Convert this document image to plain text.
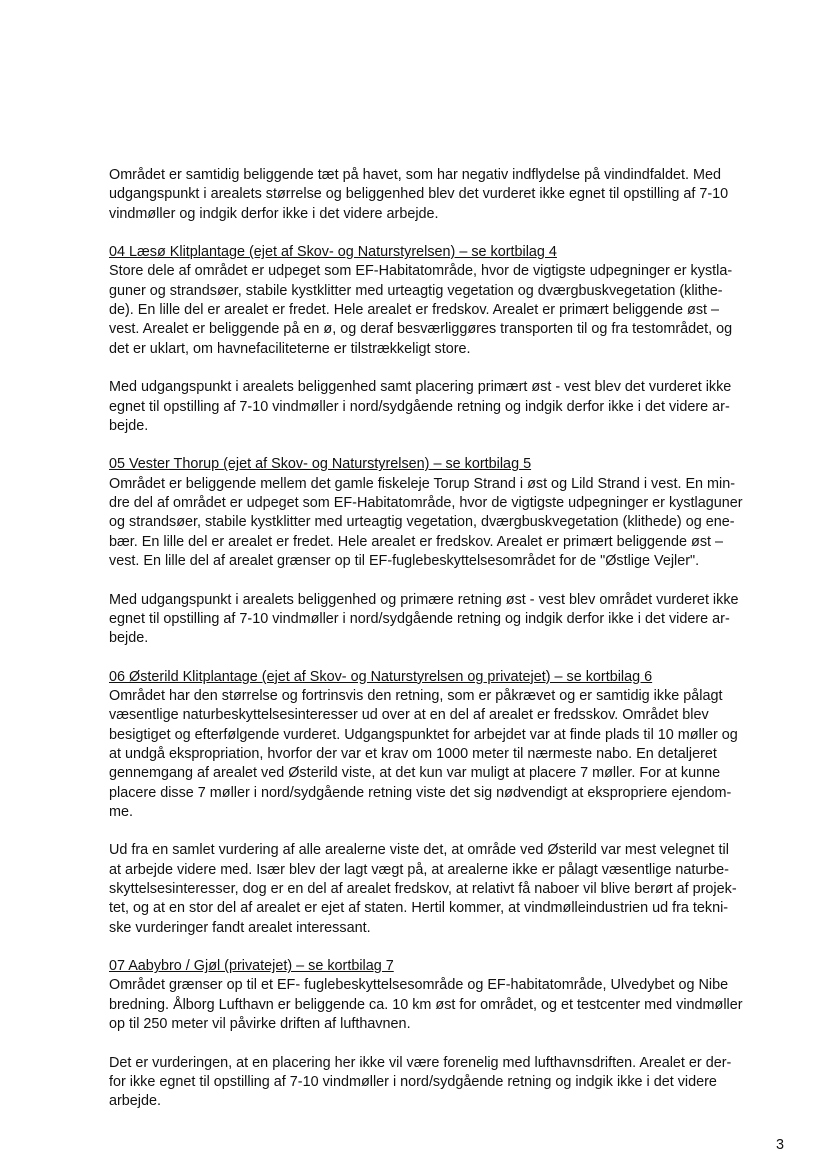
Området er samtidig beliggende tæt på havet, som har negativ indflydelse på vindindfaldet. Med
udgangspunkt i arealets størrelse og beliggenhed blev det vurderet ikke egnet til opstilling af 7-10
vindmøller og indgik derfor ikke i det videre arbejde.
04 Læsø Klitplantage (ejet af Skov- og Naturstyrelsen) – se kortbilag 4
Store dele af området er udpeget som EF-Habitatområde, hvor de vigtigste udpegninger er kystla-
guner og strandsøer, stabile kystklitter med urteagtig vegetation og dværgbuskvegetation (klithe-
de). En lille del er arealet er fredet. Hele arealet er fredskov. Arealet er primært beliggende øst –
vest. Arealet er beliggende på en ø, og deraf besværliggøres transporten til og fra testområdet, og
det er uklart, om havnefaciliteterne er tilstrækkeligt store.
Med udgangspunkt i arealets beliggenhed samt placering primært øst - vest blev det vurderet ikke
egnet til opstilling af 7-10 vindmøller i nord/sydgående retning og indgik derfor ikke i det videre ar-
bejde.
05 Vester Thorup (ejet af Skov- og Naturstyrelsen) – se kortbilag 5
Området er beliggende mellem det gamle fiskeleje Torup Strand i øst og Lild Strand i vest. En min-
dre del af området er udpeget som EF-Habitatområde, hvor de vigtigste udpegninger er kystlaguner
og strandsøer, stabile kystklitter med urteagtig vegetation, dværgbuskvegetation (klithede) og ene-
bær. En lille del er arealet er fredet. Hele arealet er fredskov. Arealet er primært beliggende øst –
vest. En lille del af arealet grænser op til EF-fuglebeskyttelsesområdet for de "Østlige Vejler".
Med udgangspunkt i arealets beliggenhed og primære retning øst - vest blev området vurderet ikke
egnet til opstilling af 7-10 vindmøller i nord/sydgående retning og indgik derfor ikke i det videre ar-
bejde.
06 Østerild Klitplantage (ejet af Skov- og Naturstyrelsen og privatejet) – se kortbilag 6
Området har den størrelse og fortrinsvis den retning, som er påkrævet og er samtidig ikke pålagt
væsentlige naturbeskyttelsesinteresser ud over at en del af arealet er fredsskov. Området blev
besigtiget og efterfølgende vurderet. Udgangspunktet for arbejdet var at finde plads til 10 møller og
at undgå ekspropriation, hvorfor der var et krav om 1000 meter til nærmeste nabo. En detaljeret
gennemgang af arealet ved Østerild viste, at det kun var muligt at placere 7 møller. For at kunne
placere disse 7 møller i nord/sydgående retning viste det sig nødvendigt at ekspropriere ejendom-
me.
Ud fra en samlet vurdering af alle arealerne viste det, at område ved Østerild var mest velegnet til
at arbejde videre med. Især blev der lagt vægt på, at arealerne ikke er pålagt væsentlige naturbe-
skyttelsesinteresser, dog er en del af arealet fredskov, at relativt få naboer vil blive berørt af projek-
tet, og at en stor del af arealet er ejet af staten. Hertil kommer, at vindmølleindustrien ud fra tekni-
ske vurderinger fandt arealet interessant.
07 Aabybro / Gjøl (privatejet) – se kortbilag 7
Området grænser op til et EF- fuglebeskyttelsesområde og EF-habitatområde, Ulvedybet og Nibe
bredning. Ålborg Lufthavn er beliggende ca. 10 km øst for området, og et testcenter med vindmøller
op til 250 meter vil påvirke driften af lufthavnen.
Det er vurderingen, at en placering her ikke vil være forenelig med lufthavnsdriften. Arealet er der-
for ikke egnet til opstilling af 7-10 vindmøller i nord/sydgående retning og indgik ikke i det videre
arbejde.
3
